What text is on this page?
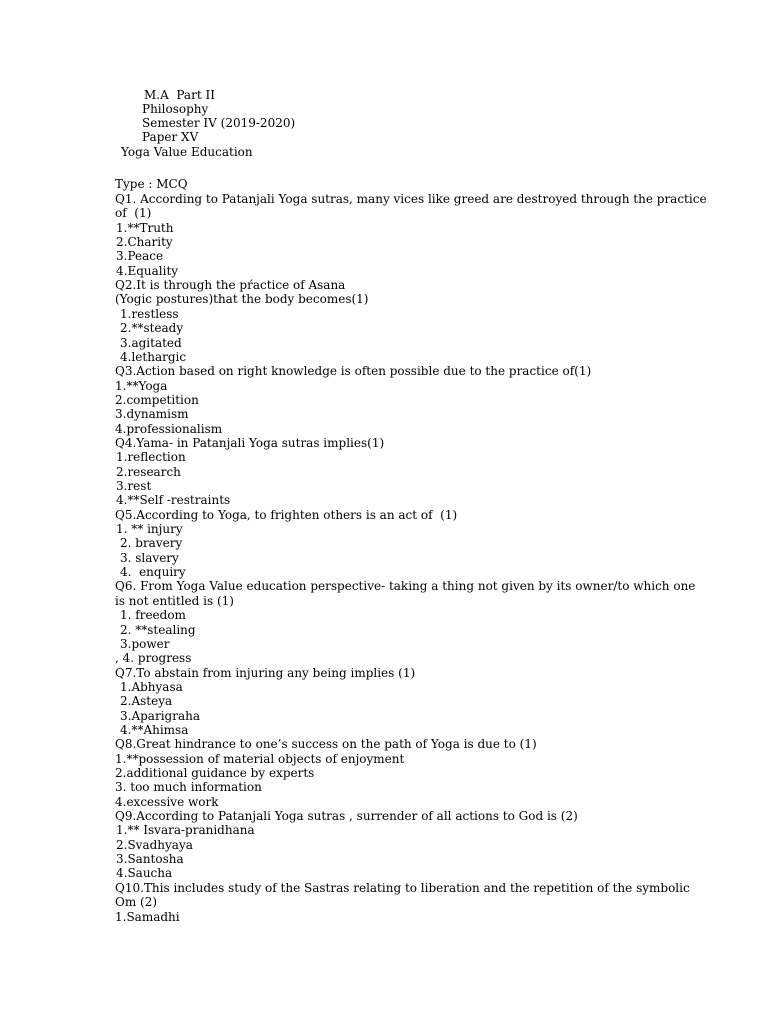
M.A  Part II
Philosophy
Semester IV (2019-2020)
Paper XV
Yoga Value Education
Type : MCQ
Q1. According to Patanjali Yoga sutras, many vices like greed are destroyed through the practice
of  (1)
1.**Truth
2.Charity
3.Peace
4.Equality
Q2.It is through the pŕactice of Asana
(Yogic postures)that the body becomes(1)
1.restless
2.**steady
3.agitated
4.lethargic
Q3.Action based on right knowledge is often possible due to the practice of(1)
1.**Yoga
2.competition
3.dynamism
4.professionalism
Q4.Yama- in Patanjali Yoga sutras implies(1)
1.reflection
2.research
3.rest
4.**Self -restraints
Q5.According to Yoga, to frighten others is an act of  (1)
1. ** injury
2. bravery
3. slavery
4.  enquiry
Q6. From Yoga Value education perspective- taking a thing not given by its owner/to which one
is not entitled is (1)
1. freedom
2. **stealing
3.power
, 4. progress
Q7.To abstain from injuring any being implies (1)
1.Abhyasa
2.Asteya
3.Aparigraha
4.**Ahimsa
Q8.Great hindrance to one’s success on the path of Yoga is due to (1)
1.**possession of material objects of enjoyment
2.additional guidance by experts
3. too much information
4.excessive work
Q9.According to Patanjali Yoga sutras , surrender of all actions to God is (2)
1.** Isvara-pranidhana
2.Svadhyaya
3.Santosha
4.Saucha
Q10.This includes study of the Sastras relating to liberation and the repetition of the symbolic
Om (2)
1.Samadhi
